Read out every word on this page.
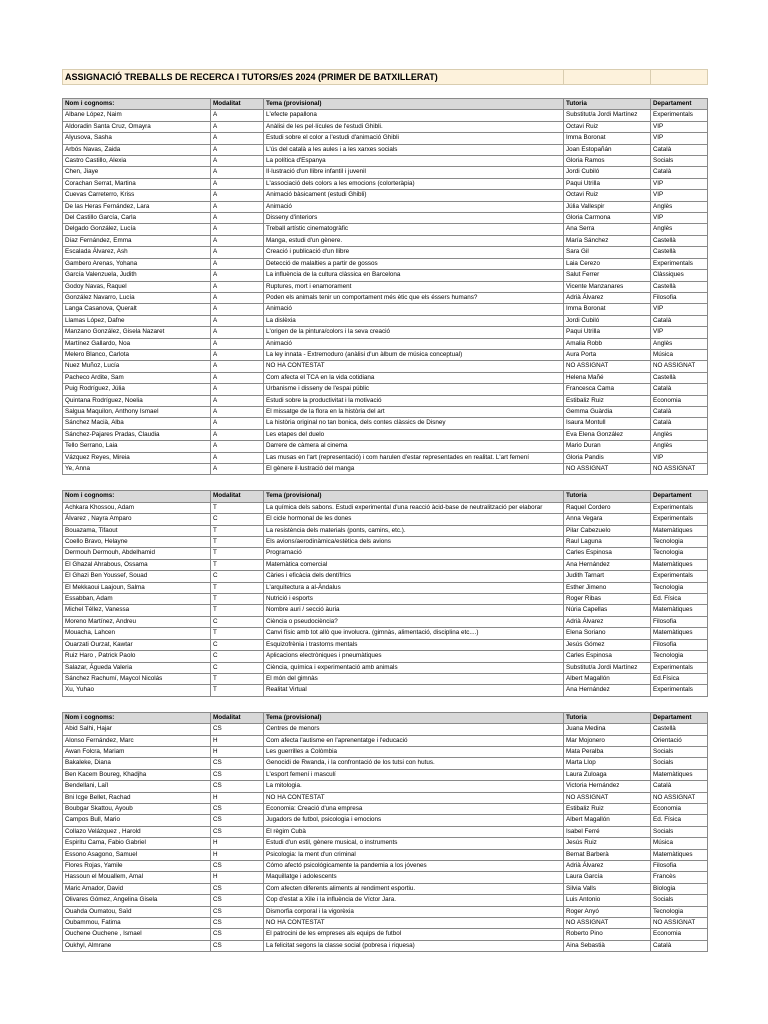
ASSIGNACIÓ TREBALLS DE RECERCA I TUTORS/ES 2024 (PRIMER DE BATXILLERAT)		
Nom i cognoms:	Modalitat	Tema (provisional)	Tutoria	Departament
Albane López, Naim	A	L'efecte papallona	Substitut/a Jordi Martínez	Experimentals
Aldoradin Santa Cruz, Omayra	A	Anàlisi de les pel·lícules de l'estudi Ghibli.	Octavi Ruiz	VIP
Alyusova, Sasha	A	Estudi sobre el color a l'estudi d'animació Ghibli	Imma Boronat	VIP
Arbós Navas, Zaida	A	L'ús del català a les aules i a les xarxes socials	Joan Estopañán	Català
Castro Castillo, Alexia	A	La política d'Espanya	Gloria Ramos	Socials
Chen, Jiaye	A	Il·lustració d'un llibre infantil i juvenil	Jordi Cubiló	Català
Corachan Serrat, Martina	A	L'associació dels colors a les emocions (colorteràpia)	Paqui Utrilla	VIP
Cuevas Carreterro, Kriss	A	Animació bàsicament (estudi Ghibli)	Octavi Ruiz	VIP
De las Heras Fernández, Lara	A	Animació	Júlia Vallespir	Anglès
Del Castillo García, Carla	A	Disseny d'interiors	Gloria Carmona	VIP
Delgado González, Lucía	A	Treball artístic cinematogràfic	Ana Serra	Anglès
Díaz Fernández, Emma	A	Manga, estudi d'un gènere.	María Sánchez	Castellà
Escalada Álvarez, Ash	A	Creació i publicació d'un llibre	Sara Gil	Castellà
Gambero Arenas, Yohana	A	Detecció de malalties a partir de gossos	Laia Cerezo	Experimentals
García Valenzuela, Judith	A	La influència de la cultura clàssica en Barcelona	Salut Ferrer	Clàssiques
Godoy Navas, Raquel	A	Ruptures, mort i enamorament	Vicente Manzanares	Castellà
González Navarro, Lucía	A	Poden els animals tenir un comportament més ètic que els éssers humans?	Adrià Álvarez	Filosofia
Langa Casanova, Queralt	A	Animació	Imma Boronat	VIP
Llamas López, Dafne	A	La dislèxia	Jordi Cubiló	Català
Manzano González, Gisela Nazaret	A	L'origen de la pintura/colors i la seva creació	Paqui Utrilla	VIP
Martínez Gallardo, Noa	A	Animació	Amalia Robb	Anglès
Melero Blanco, Carlota	A	La ley innata - Extremoduro (anàlisi d'un àlbum de música conceptual)	Aura Porta	Música
Nuez Muñoz, Lucía	A	NO HA CONTESTAT	NO ASSIGNAT	NO ASSIGNAT
Pacheco Ardite, Sam	A	Com afecta el TCA en la vida cotidiana	Helena Mañé	Castellà
Puig Rodríguez, Júlia	A	Urbanisme i disseny de l'espai públic	Francesca Cama	Català
Quintana Rodríguez, Noelia	A	Estudi sobre la productivitat i la motivació	Estibaliz Ruiz	Economia
Salgua Maquilon, Anthony Ismael	A	El missatge de la flora en la història del art	Gemma Guàrdia	Català
Sánchez Macià, Alba	A	La història original no tan bonica, dels contes clàssics de Disney	Isaura Montull	Català
Sánchez-Pajares Pradas, Claudia	A	Les etapes del duelo	Eva Elena González	Anglès
Tello Serrano, Laia	A	Darrere de càmera al cinema	Mario Duran	Anglès
Vázquez Reyes, Mireia	A	Las musas en l'art (representació) i com harulen d'estar representades en realitat. L'art femení	Gloria Pandis	VIP
Ye, Anna	A	El gènere il·lustració del manga	NO ASSIGNAT	NO ASSIGNAT
Nom i cognoms:	Modalitat	Tema (provisional)	Tutoria	Departament
Achkara Khossou, Adam	T	La química dels sabons. Estudi experimental d'una reacció àcid-base de neutralització per elaborar	Raquel Cordero	Experimentals
Álvarez , Nayra Amparo	C	El cicle hormonal de les dones	Anna Vegara	Experimentals
Bouazama, Tifaout	T	La resistència dels materials (ponts, camins, etc.).	Pilar Cabezuelo	Matemàtiques
Coello Bravo, Helayne	T	Els avions/aerodinàmica/estètica dels avions	Raul Laguna	Tecnologia
Dermouh Dermouh, Abdelhamid	T	Programació	Carles Espinosa	Tecnologia
El Ghazal Ahrabous, Ossama	T	Matemàtica comercial	Ana Hernández	Matemàtiques
El Ghazi Ben Youssef, Souad	C	Càries i eficàcia dels dentífrics	Judith Tarnart	Experimentals
El Mekkaoui Laajoun, Salma	T	L'arquitectura a al-Àndalus	Esther Jimeno	Tecnologia
Essabban, Adam	T	Nutrició i esports	Roger Ribas	Ed. Física
Michel Téllez, Vanessa	T	Nombre auri / secció àuria	Núria Capellas	Matemàtiques
Moreno Martínez, Andreu	C	Ciència o pseudociència?	Adrià Álvarez	Filosofia
Mouacha, Lahcen	T	Canvi físic amb tot allò que involucra. (gimnàs, alimentació, disciplina etc....)	Elena Soriano	Matemàtiques
Ouarzati Ourzat, Kawtar	C	Esquizofrènia i trastorns mentals	Jesús Gómez	Filosofia
Ruiz Haro , Patrick Paolo	C	Aplicacions electròniques i pneumàtiques	Carles Espinosa	Tecnologia
Salazar, Águeda Valeria	C	Ciència, química i experimentació amb animals	Substitut/a Jordi Martínez	Experimentals
Sánchez Rachumí, Maycol Nicolás	T	El món del gimnàs	Albert Magallón	Ed.Física
Xu, Yuhao	T	Realitat Virtual	Ana Hernández	Experimentals
Nom i cognoms:	Modalitat	Tema (provisional)	Tutoria	Departament
Abid Salhi, Hajar	CS	Centres de menors	Juana Medina	Castellà
Alonso Fernández, Marc	H	Com afecta l'autisme en l'aprenentatge i l'educació	Mar Mojonero	Orientació
Awan Folcra, Mariam	H	Les guerrilles a Colòmbia	Mata Peralba	Socials
Bakaleke, Diana	CS	Genocidi de Rwanda, i la confrontació de los tutsi con hutus.	Marta Llop	Socials
Ben Kacem Boureg, Khadjha	CS	L'esport femení i masculí	Laura Zuloaga	Matemàtiques
Bendellani, Laîl	CS	La mitologia.	Victoria Hernández	Català
Bni Icge Bellet, Rachad	H	NO HA CONTESTAT	NO ASSIGNAT	NO ASSIGNAT
Boubgar Skattou, Ayoub	CS	Economia: Creació d'una empresa	Estibaliz Ruiz	Economia
Campos Bull, Mario	CS	Jugadors de futbol, psicologia i emocions	Albert Magallón	Ed. Física
Collazo Velázquez , Harold	CS	El règim Cubà	Isabel Ferré	Socials
Espiritu Cama, Fabio Gabriel	H	Estudi d'un estil, gènere musical, o instruments	Jesús Ruiz	Música
Essono Asagono, Samuel	H	Psicologia: la ment d'un criminal	Bernat Barberà	Matemàtiques
Flores Rojas, Yamile	CS	Cómo afectó psicológicamente la pandemia a los jóvenes	Adrià Álvarez	Filosofia
Hassoun el Mouallem, Amal	H	Maquillatge i adolescents	Laura García	Francès
Maric Amador, David	CS	Com afecten diferents aliments al rendiment esportiu.	Silvia Valls	Biologia
Olivares Gómez, Angelina Gisela	CS	Cop d'estat a Xile i la influència de Víctor Jara.	Luis Antonio	Socials
Ouahda Oumatou, Saïd	CS	Dismorfia corporal i la vigorèxia	Roger Anyó	Tecnologia
Oubammou, Fatima	CS	NO HA CONTESTAT	NO ASSIGNAT	NO ASSIGNAT
Ouchene Ouchene , Ismael	CS	El patrocini de les empreses als equips de futbol	Roberto Pino	Economia
Oukhyl, Almrane	CS	La felicitat segons la classe social (pobresa i riquesa)	Aina Sebastià	Català
